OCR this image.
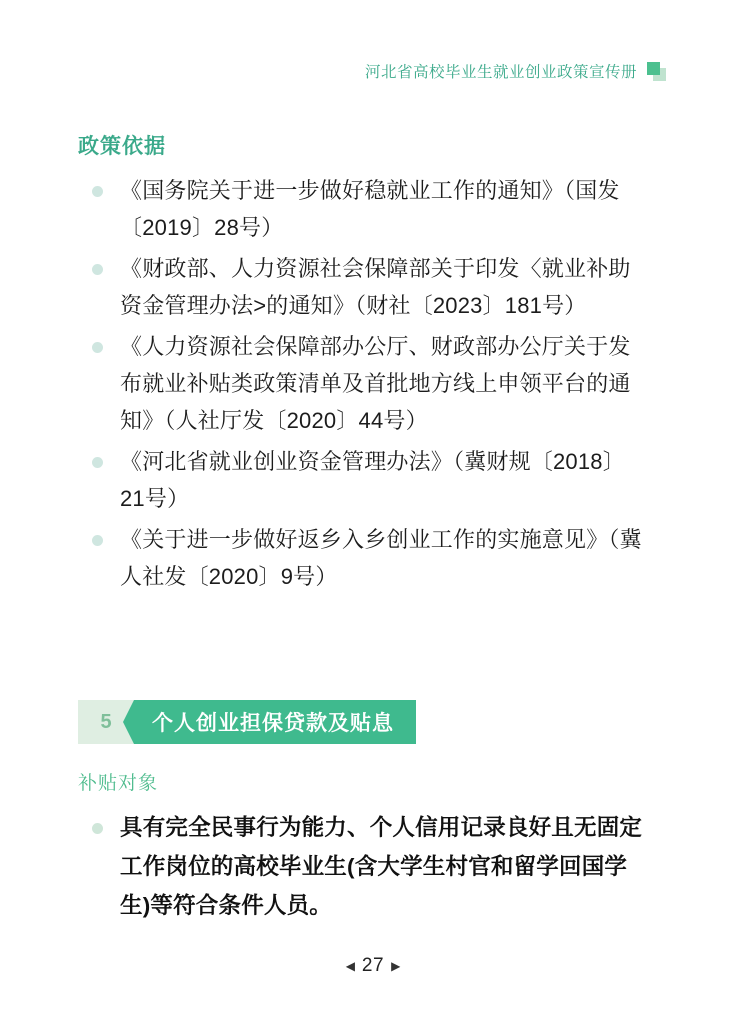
河北省高校毕业生就业创业政策宣传册
政策依据
《国务院关于进一步做好稳就业工作的通知》（国发〔2019〕28号）
《财政部、人力资源社会保障部关于印发〈就业补助资金管理办法>的通知》（财社〔2023〕181号）
《人力资源社会保障部办公厅、财政部办公厅关于发布就业补贴类政策清单及首批地方线上申领平台的通知》（人社厅发〔2020〕44号）
《河北省就业创业资金管理办法》（冀财规〔2018〕21号）
《关于进一步做好返乡入乡创业工作的实施意见》（冀人社发〔2020〕9号）
5	个人创业担保贷款及贴息
补贴对象
具有完全民事行为能力、个人信用记录良好且无固定工作岗位的高校毕业生(含大学生村官和留学回国学生)等符合条件人员。
◀ 27 ▶
